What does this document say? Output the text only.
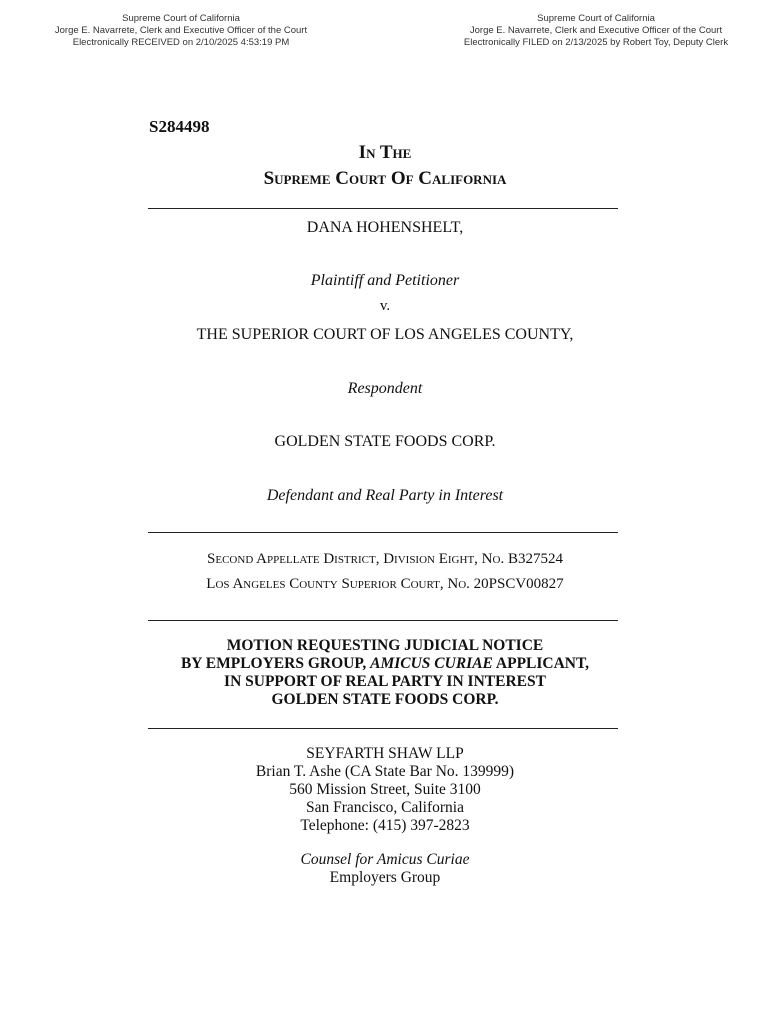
Supreme Court of California
Jorge E. Navarrete, Clerk and Executive Officer of the Court
Electronically RECEIVED on 2/10/2025 4:53:19 PM
Supreme Court of California
Jorge E. Navarrete, Clerk and Executive Officer of the Court
Electronically FILED on 2/13/2025 by Robert Toy, Deputy Clerk
S284498
In The
Supreme Court Of California
DANA HOHENSHELT,
Plaintiff and Petitioner
v.
THE SUPERIOR COURT OF LOS ANGELES COUNTY,
Respondent
GOLDEN STATE FOODS CORP.
Defendant and Real Party in Interest
Second Appellate District, Division Eight, No. B327524
Los Angeles County Superior Court, No. 20PSCV00827
MOTION REQUESTING JUDICIAL NOTICE
BY EMPLOYERS GROUP, AMICUS CURIAE APPLICANT,
IN SUPPORT OF REAL PARTY IN INTEREST
GOLDEN STATE FOODS CORP.
SEYFARTH SHAW LLP
Brian T. Ashe (CA State Bar No. 139999)
560 Mission Street, Suite 3100
San Francisco, California
Telephone: (415) 397-2823
Counsel for Amicus Curiae
Employers Group
